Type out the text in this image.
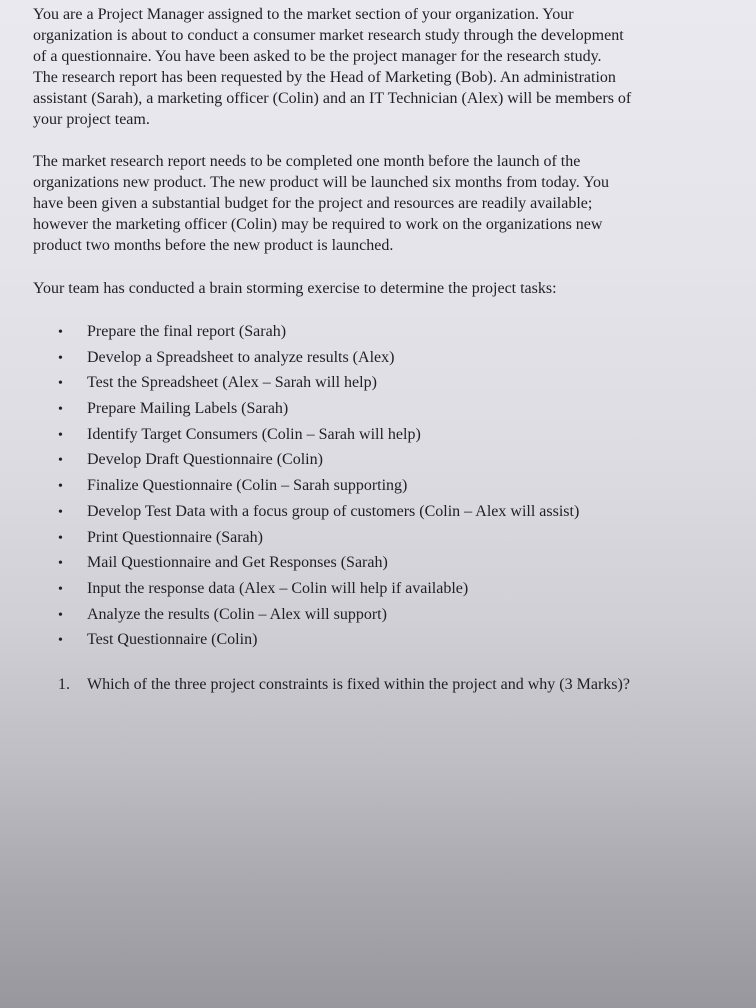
You are a Project Manager assigned to the market section of your organization. Your
organization is about to conduct a consumer market research study through the development
of a questionnaire. You have been asked to be the project manager for the research study.
The research report has been requested by the Head of Marketing (Bob). An administration
assistant (Sarah), a marketing officer (Colin) and an IT Technician (Alex) will be members of
your project team.

The market research report needs to be completed one month before the launch of the
organizations new product. The new product will be launched six months from today. You
have been given a substantial budget for the project and resources are readily available;
however the marketing officer (Colin) may be required to work on the organizations new
product two months before the new product is launched.

Your team has conducted a brain storming exercise to determine the project tasks:

• Prepare the final report (Sarah)
• Develop a Spreadsheet to analyze results (Alex)
• Test the Spreadsheet (Alex – Sarah will help)
• Prepare Mailing Labels (Sarah)
• Identify Target Consumers (Colin – Sarah will help)
• Develop Draft Questionnaire (Colin)
• Finalize Questionnaire (Colin – Sarah supporting)
• Develop Test Data with a focus group of customers (Colin – Alex will assist)
• Print Questionnaire (Sarah)
• Mail Questionnaire and Get Responses (Sarah)
• Input the response data (Alex – Colin will help if available)
• Analyze the results (Colin – Alex will support)
• Test Questionnaire (Colin)
1. Which of the three project constraints is fixed within the project and why (3 Marks)?
